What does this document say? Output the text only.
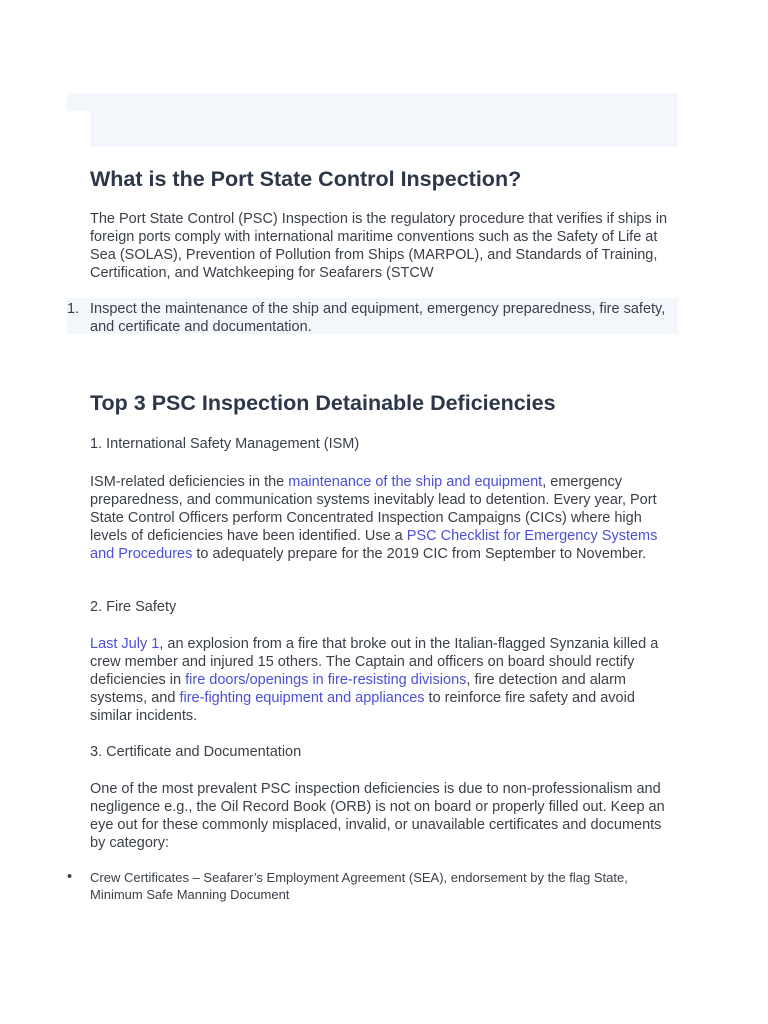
What is the Port State Control Inspection?

The Port State Control (PSC) Inspection is the regulatory procedure that verifies if ships in foreign ports comply with international maritime conventions such as the Safety of Life at Sea (SOLAS), Prevention of Pollution from Ships (MARPOL), and Standards of Training, Certification, and Watchkeeping for Seafarers (STCW

1. Inspect the maintenance of the ship and equipment, emergency preparedness, fire safety, and certificate and documentation.

Top 3 PSC Inspection Detainable Deficiencies

1. International Safety Management (ISM)

ISM-related deficiencies in the maintenance of the ship and equipment, emergency preparedness, and communication systems inevitably lead to detention. Every year, Port State Control Officers perform Concentrated Inspection Campaigns (CICs) where high levels of deficiencies have been identified. Use a PSC Checklist for Emergency Systems and Procedures to adequately prepare for the 2019 CIC from September to November.

2. Fire Safety

Last July 1, an explosion from a fire that broke out in the Italian-flagged Synzania killed a crew member and injured 15 others. The Captain and officers on board should rectify deficiencies in fire doors/openings in fire-resisting divisions, fire detection and alarm systems, and fire-fighting equipment and appliances to reinforce fire safety and avoid similar incidents.

3. Certificate and Documentation

One of the most prevalent PSC inspection deficiencies is due to non-professionalism and negligence e.g., the Oil Record Book (ORB) is not on board or properly filled out. Keep an eye out for these commonly misplaced, invalid, or unavailable certificates and documents by category:

• Crew Certificates – Seafarer’s Employment Agreement (SEA), endorsement by the flag State, Minimum Safe Manning Document
